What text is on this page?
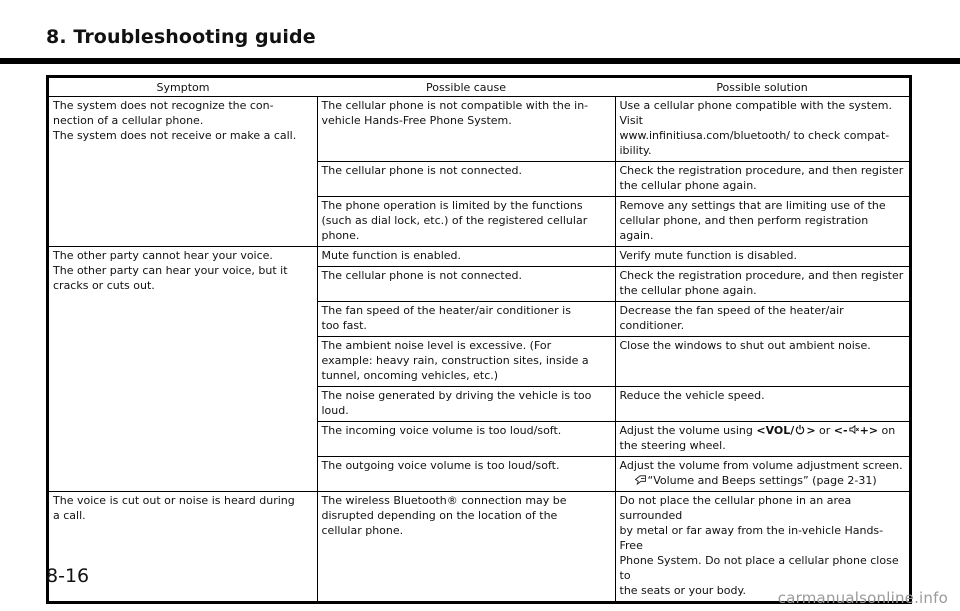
8. Troubleshooting guide
Symptom	Possible cause	Possible solution

The system does not recognize the con-
nection of a cellular phone.
The system does not receive or make a call.	The cellular phone is not compatible with the in-
vehicle Hands-Free Phone System.	Use a cellular phone compatible with the system. Visit
www.infinitiusa.com/bluetooth/ to check compat-
ibility.

	The cellular phone is not connected.	Check the registration procedure, and then register
the cellular phone again.

	The phone operation is limited by the functions
(such as dial lock, etc.) of the registered cellular
phone.	Remove any settings that are limiting use of the
cellular phone, and then perform registration again.

The other party cannot hear your voice.
The other party can hear your voice, but it
cracks or cuts out.	Mute function is enabled.	Verify mute function is disabled.

	The cellular phone is not connected.	Check the registration procedure, and then register
the cellular phone again.

	The fan speed of the heater/air conditioner is
too fast.	Decrease the fan speed of the heater/air conditioner.

	The ambient noise level is excessive. (For
example: heavy rain, construction sites, inside a
tunnel, oncoming vehicles, etc.)	Close the windows to shut out ambient noise.

	The noise generated by driving the vehicle is too
loud.	Reduce the vehicle speed.

	The incoming voice volume is too loud/soft.	Adjust the volume using <VOL/ > or <- +> on
the steering wheel.

	The outgoing voice volume is too loud/soft.	Adjust the volume from volume adjustment screen.
“Volume and Beeps settings” (page 2-31)

The voice is cut out or noise is heard during
a call.	The wireless Bluetooth® connection may be
disrupted depending on the location of the
cellular phone.	Do not place the cellular phone in an area surrounded
by metal or far away from the in-vehicle Hands-Free
Phone System. Do not place a cellular phone close to
the seats or your body.
8-16
carmanualsonline.info
